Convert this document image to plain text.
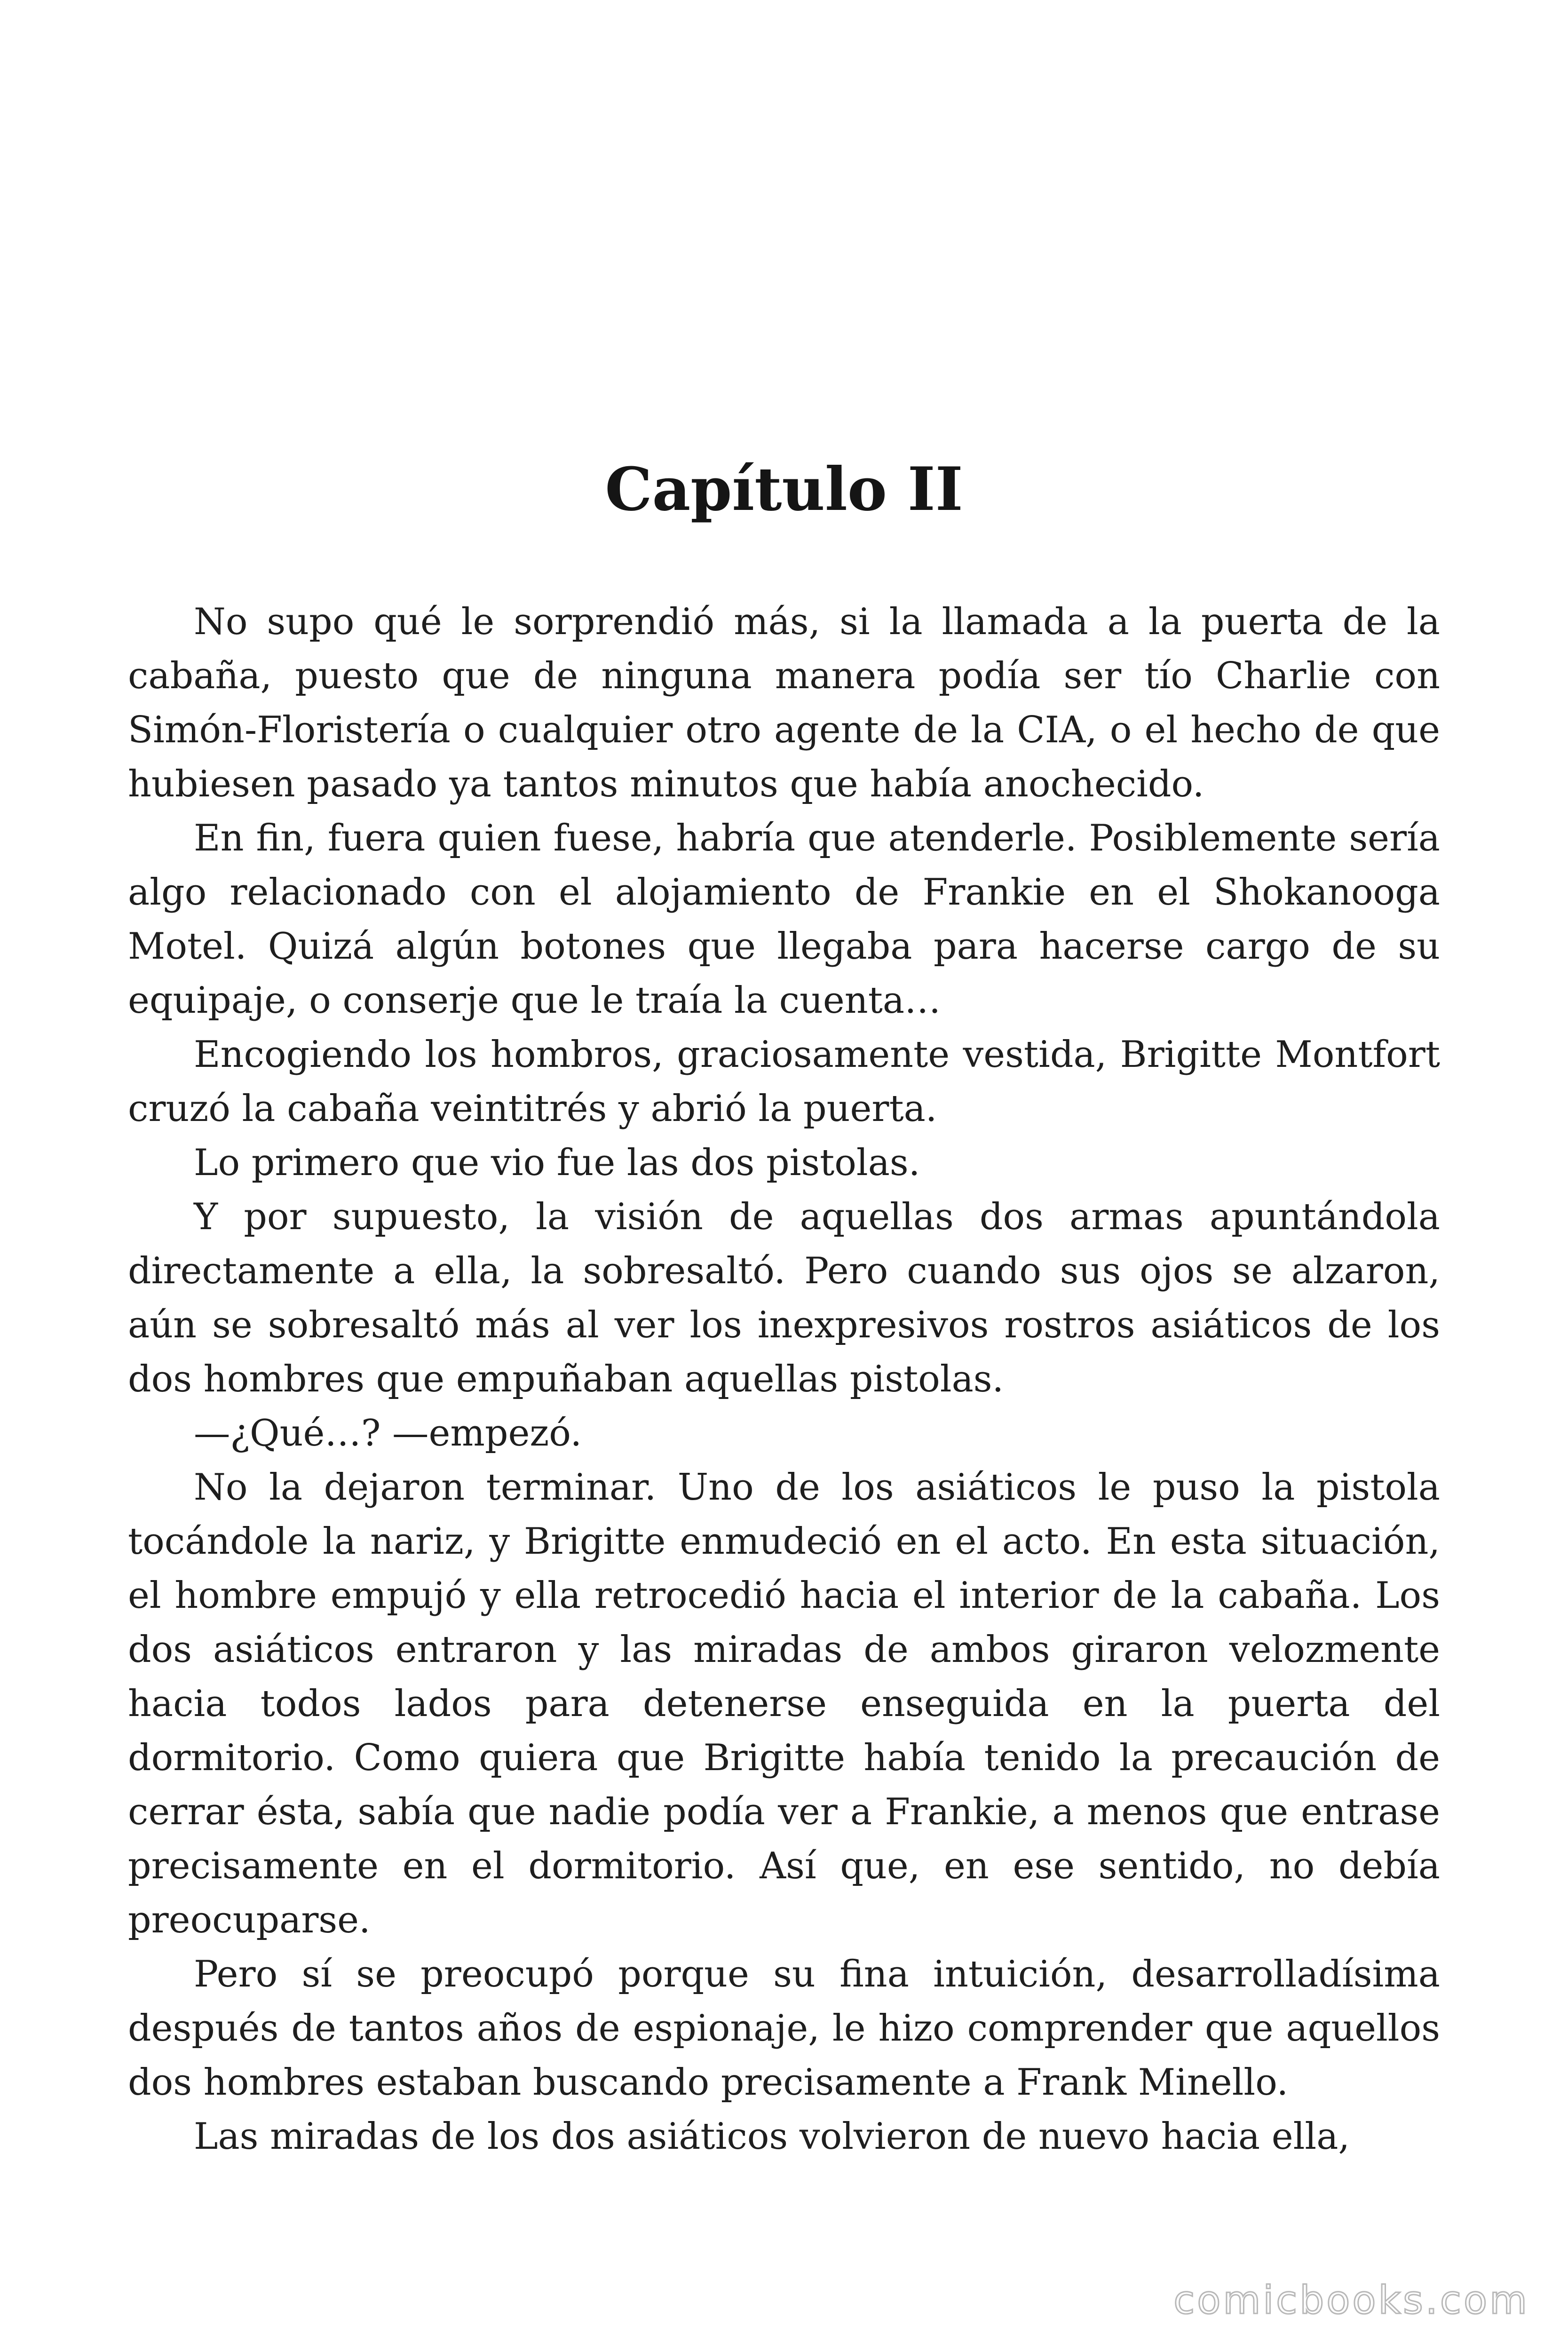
Capítulo II

No supo qué le sorprendió más, si la llamada a la puerta de la cabaña, puesto que de ninguna manera podía ser tío Charlie con Simón-Floristería o cualquier otro agente de la CIA, o el hecho de que hubiesen pasado ya tantos minutos que había anochecido.

En fin, fuera quien fuese, habría que atenderle. Posiblemente sería algo relacionado con el alojamiento de Frankie en el Shokanooga Motel. Quizá algún botones que llegaba para hacerse cargo de su equipaje, o conserje que le traía la cuenta…

Encogiendo los hombros, graciosamente vestida, Brigitte Montfort cruzó la cabaña veintitrés y abrió la puerta.

Lo primero que vio fue las dos pistolas.

Y por supuesto, la visión de aquellas dos armas apuntándola directamente a ella, la sobresaltó. Pero cuando sus ojos se alzaron, aún se sobresaltó más al ver los inexpresivos rostros asiáticos de los dos hombres que empuñaban aquellas pistolas.

—¿Qué…? —empezó.

No la dejaron terminar. Uno de los asiáticos le puso la pistola tocándole la nariz, y Brigitte enmudeció en el acto. En esta situación, el hombre empujó y ella retrocedió hacia el interior de la cabaña. Los dos asiáticos entraron y las miradas de ambos giraron velozmente hacia todos lados para detenerse enseguida en la puerta del dormitorio. Como quiera que Brigitte había tenido la precaución de cerrar ésta, sabía que nadie podía ver a Frankie, a menos que entrase precisamente en el dormitorio. Así que, en ese sentido, no debía preocuparse.

Pero sí se preocupó porque su fina intuición, desarrolladísima después de tantos años de espionaje, le hizo comprender que aquellos dos hombres estaban buscando precisamente a Frank Minello.

Las miradas de los dos asiáticos volvieron de nuevo hacia ella,

comicbooks.com
